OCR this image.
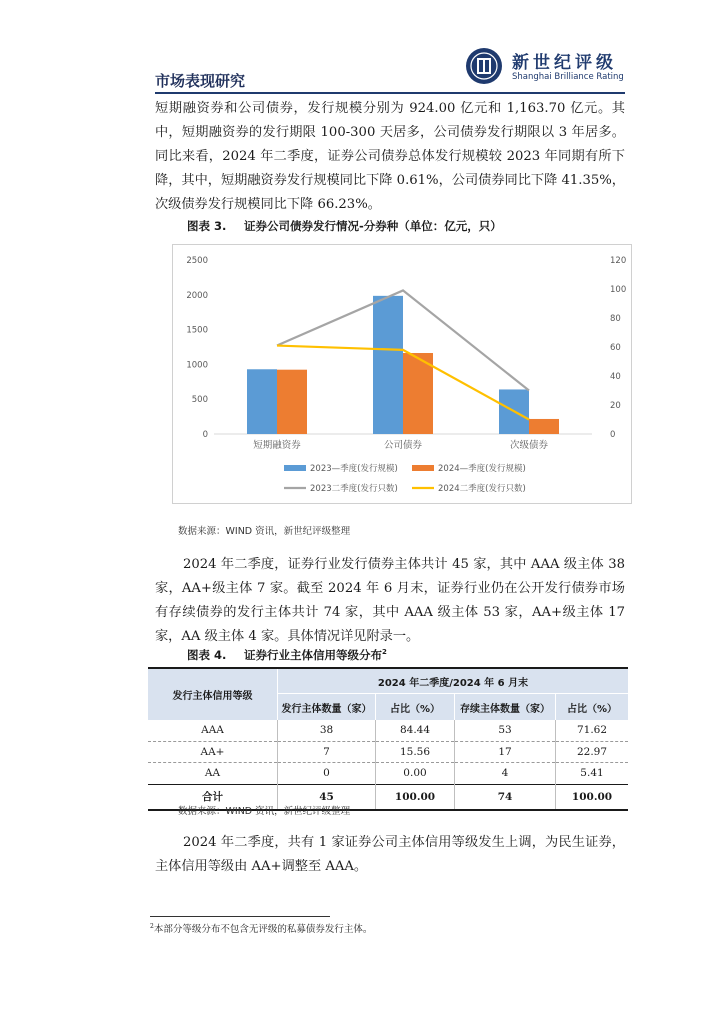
市场表现研究
新世纪评级
Shanghai Brilliance Rating
短期融资券和公司债券，发行规模分别为 924.00 亿元和 1,163.70 亿元。其中，短期融资券的发行期限 100-300 天居多，公司债券发行期限以 3 年居多。同比来看，2024 年二季度，证券公司债券总体发行规模较 2023 年同期有所下降，其中，短期融资券发行规模同比下降 0.61%，公司债券同比下降 41.35%，次级债券发行规模同比下降 66.23%。
图表 3. 证券公司债券发行情况-分券种（单位：亿元，只）
0
500
1000
1500
2000
2500
0
20
40
60
80
100
120
短期融资券	公司债券	次级债券
2023—季度(发行规模)	2024—季度(发行规模)
2023二季度(发行只数)	2024二季度(发行只数)
数据来源：WIND 资讯，新世纪评级整理
2024 年二季度，证券行业发行债券主体共计 45 家，其中 AAA 级主体 38 家，AA+级主体 7 家。截至 2024 年 6 月末，证券行业仍在公开发行债券市场有存续债券的发行主体共计 74 家，其中 AAA 级主体 53 家，AA+级主体 17 家，AA 级主体 4 家。具体情况详见附录一。
图表 4. 证券行业主体信用等级分布$^2$
发行主体信用等级	2024 年二季度/2024 年 6 月末			
	发行主体数量（家）	占比（%）	存续主体数量（家）	占比（%）
AAA	38	84.44	53	71.62
AA+	7	15.56	17	22.97
AA	0	0.00	4	5.41
合计	45	100.00	74	100.00
数据来源：WIND 资讯，新世纪评级整理
2024 年二季度，共有 1 家证券公司主体信用等级发生上调，为民生证券，主体信用等级由 AA+调整至 AAA。
$^2$本部分等级分布不包含无评级的私募债券发行主体。
